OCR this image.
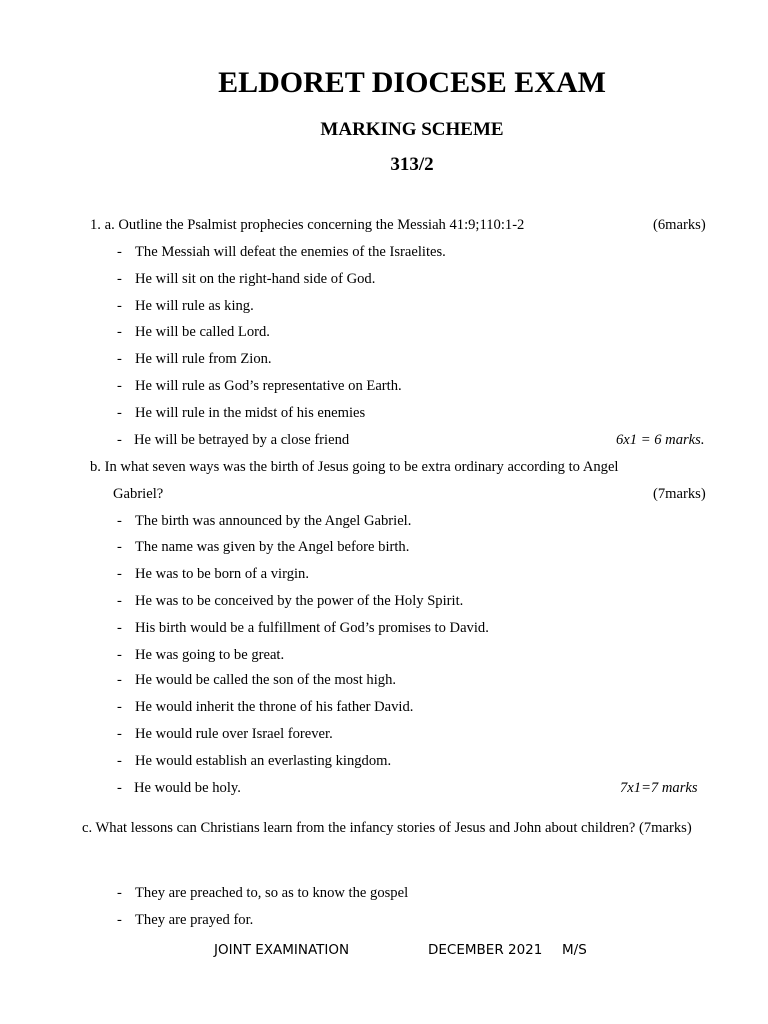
ELDORET DIOCESE EXAM
MARKING SCHEME
313/2
1. a. Outline the Psalmist prophecies concerning the Messiah 41:9;110:1-2	(6marks)
- The Messiah will defeat the enemies of the Israelites.
- He will sit on the right-hand side of God.
- He will rule as king.
- He will be called Lord.
- He will rule from Zion.
- He will rule as God’s representative on Earth.
- He will rule in the midst of his enemies
- He will be betrayed by a close friend	6x1 = 6 marks.
b. In what seven ways was the birth of Jesus going to be extra ordinary according to Angel
Gabriel?	(7marks)
- The birth was announced by the Angel Gabriel.
- The name was given by the Angel before birth.
- He was to be born of a virgin.
- He was to be conceived by the power of the Holy Spirit.
- His birth would be a fulfillment of God’s promises to David.
- He was going to be great.
- He would be called the son of the most high.
- He would inherit the throne of his father David.
- He would rule over Israel forever.
- He would establish an everlasting kingdom.
- He would be holy.	7x1=7 marks
c. What lessons can Christians learn from the infancy stories of Jesus and John about children? (7marks)
- They are preached to, so as to know the gospel
- They are prayed for.
JOINT EXAMINATION	DECEMBER 2021 M/S
